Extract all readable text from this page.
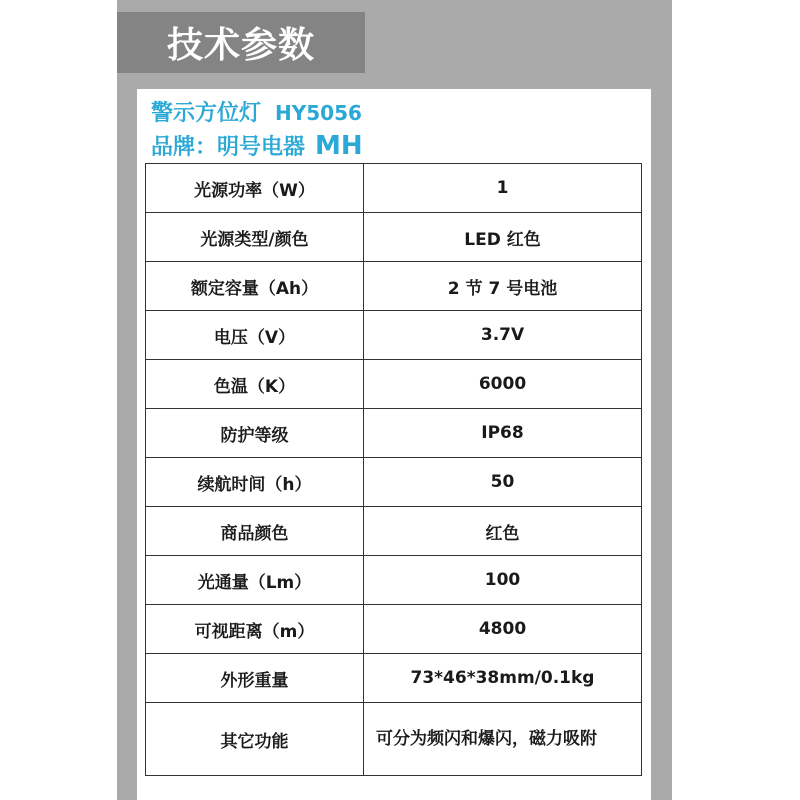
技术参数
警示方位灯 HY5056
品牌：明号电器 MH
光源功率（W）	1
光源类型/颜色	LED 红色
额定容量（Ah）	2 节 7 号电池
电压（V）	3.7V
色温（K）	6000
防护等级	IP68
续航时间（h）	50
商品颜色	红色
光通量（Lm）	100
可视距离（m）	4800
外形重量	73*46*38mm/0.1kg
其它功能	可分为频闪和爆闪，磁力吸附
